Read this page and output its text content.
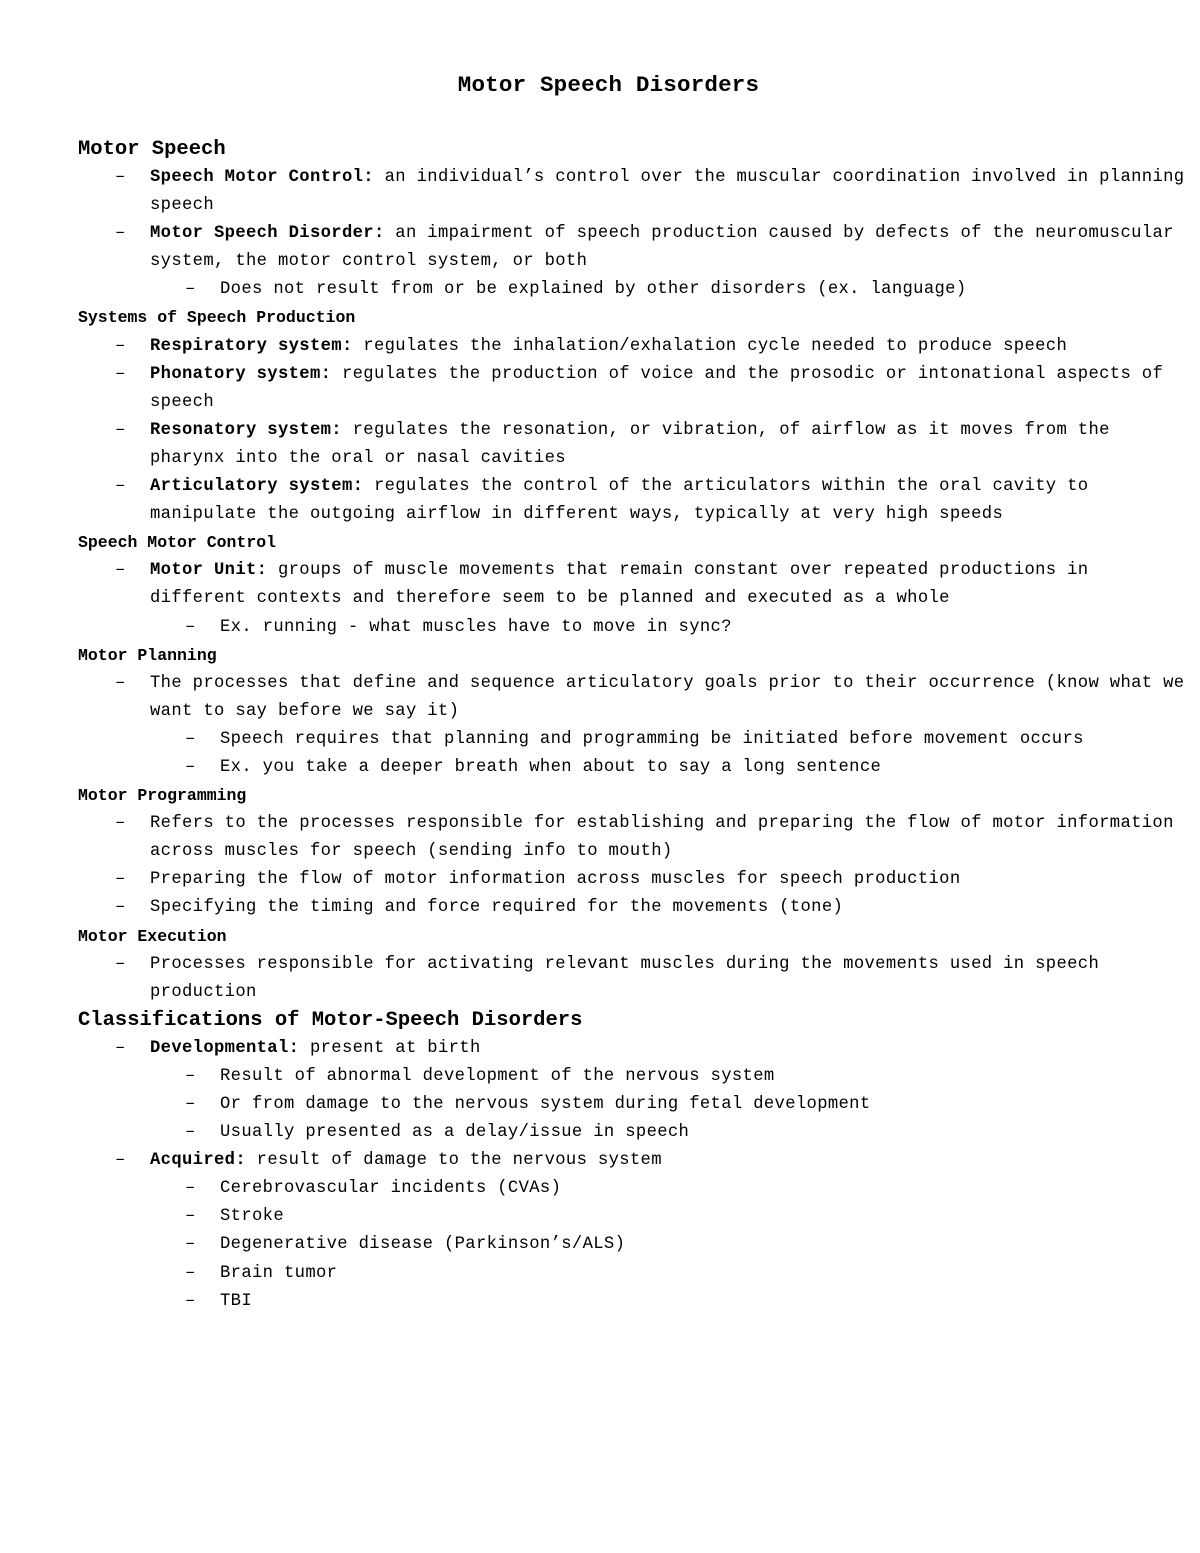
Motor Speech Disorders
Motor Speech
– Speech Motor Control: an individual’s control over the muscular coordination involved in planning speech
– Motor Speech Disorder: an impairment of speech production caused by defects of the neuromuscular system, the motor control system, or both
– Does not result from or be explained by other disorders (ex. language)
Systems of Speech Production
– Respiratory system: regulates the inhalation/exhalation cycle needed to produce speech
– Phonatory system: regulates the production of voice and the prosodic or intonational aspects of speech
– Resonatory system: regulates the resonation, or vibration, of airflow as it moves from the pharynx into the oral or nasal cavities
– Articulatory system: regulates the control of the articulators within the oral cavity to manipulate the outgoing airflow in different ways, typically at very high speeds
Speech Motor Control
– Motor Unit: groups of muscle movements that remain constant over repeated productions in different contexts and therefore seem to be planned and executed as a whole
– Ex. running - what muscles have to move in sync?
Motor Planning
– The processes that define and sequence articulatory goals prior to their occurrence (know what we want to say before we say it)
– Speech requires that planning and programming be initiated before movement occurs
– Ex. you take a deeper breath when about to say a long sentence
Motor Programming
– Refers to the processes responsible for establishing and preparing the flow of motor information across muscles for speech (sending info to mouth)
– Preparing the flow of motor information across muscles for speech production
– Specifying the timing and force required for the movements (tone)
Motor Execution
– Processes responsible for activating relevant muscles during the movements used in speech production
Classifications of Motor-Speech Disorders
– Developmental: present at birth
– Result of abnormal development of the nervous system
– Or from damage to the nervous system during fetal development
– Usually presented as a delay/issue in speech
– Acquired: result of damage to the nervous system
– Cerebrovascular incidents (CVAs)
– Stroke
– Degenerative disease (Parkinson’s/ALS)
– Brain tumor
– TBI
